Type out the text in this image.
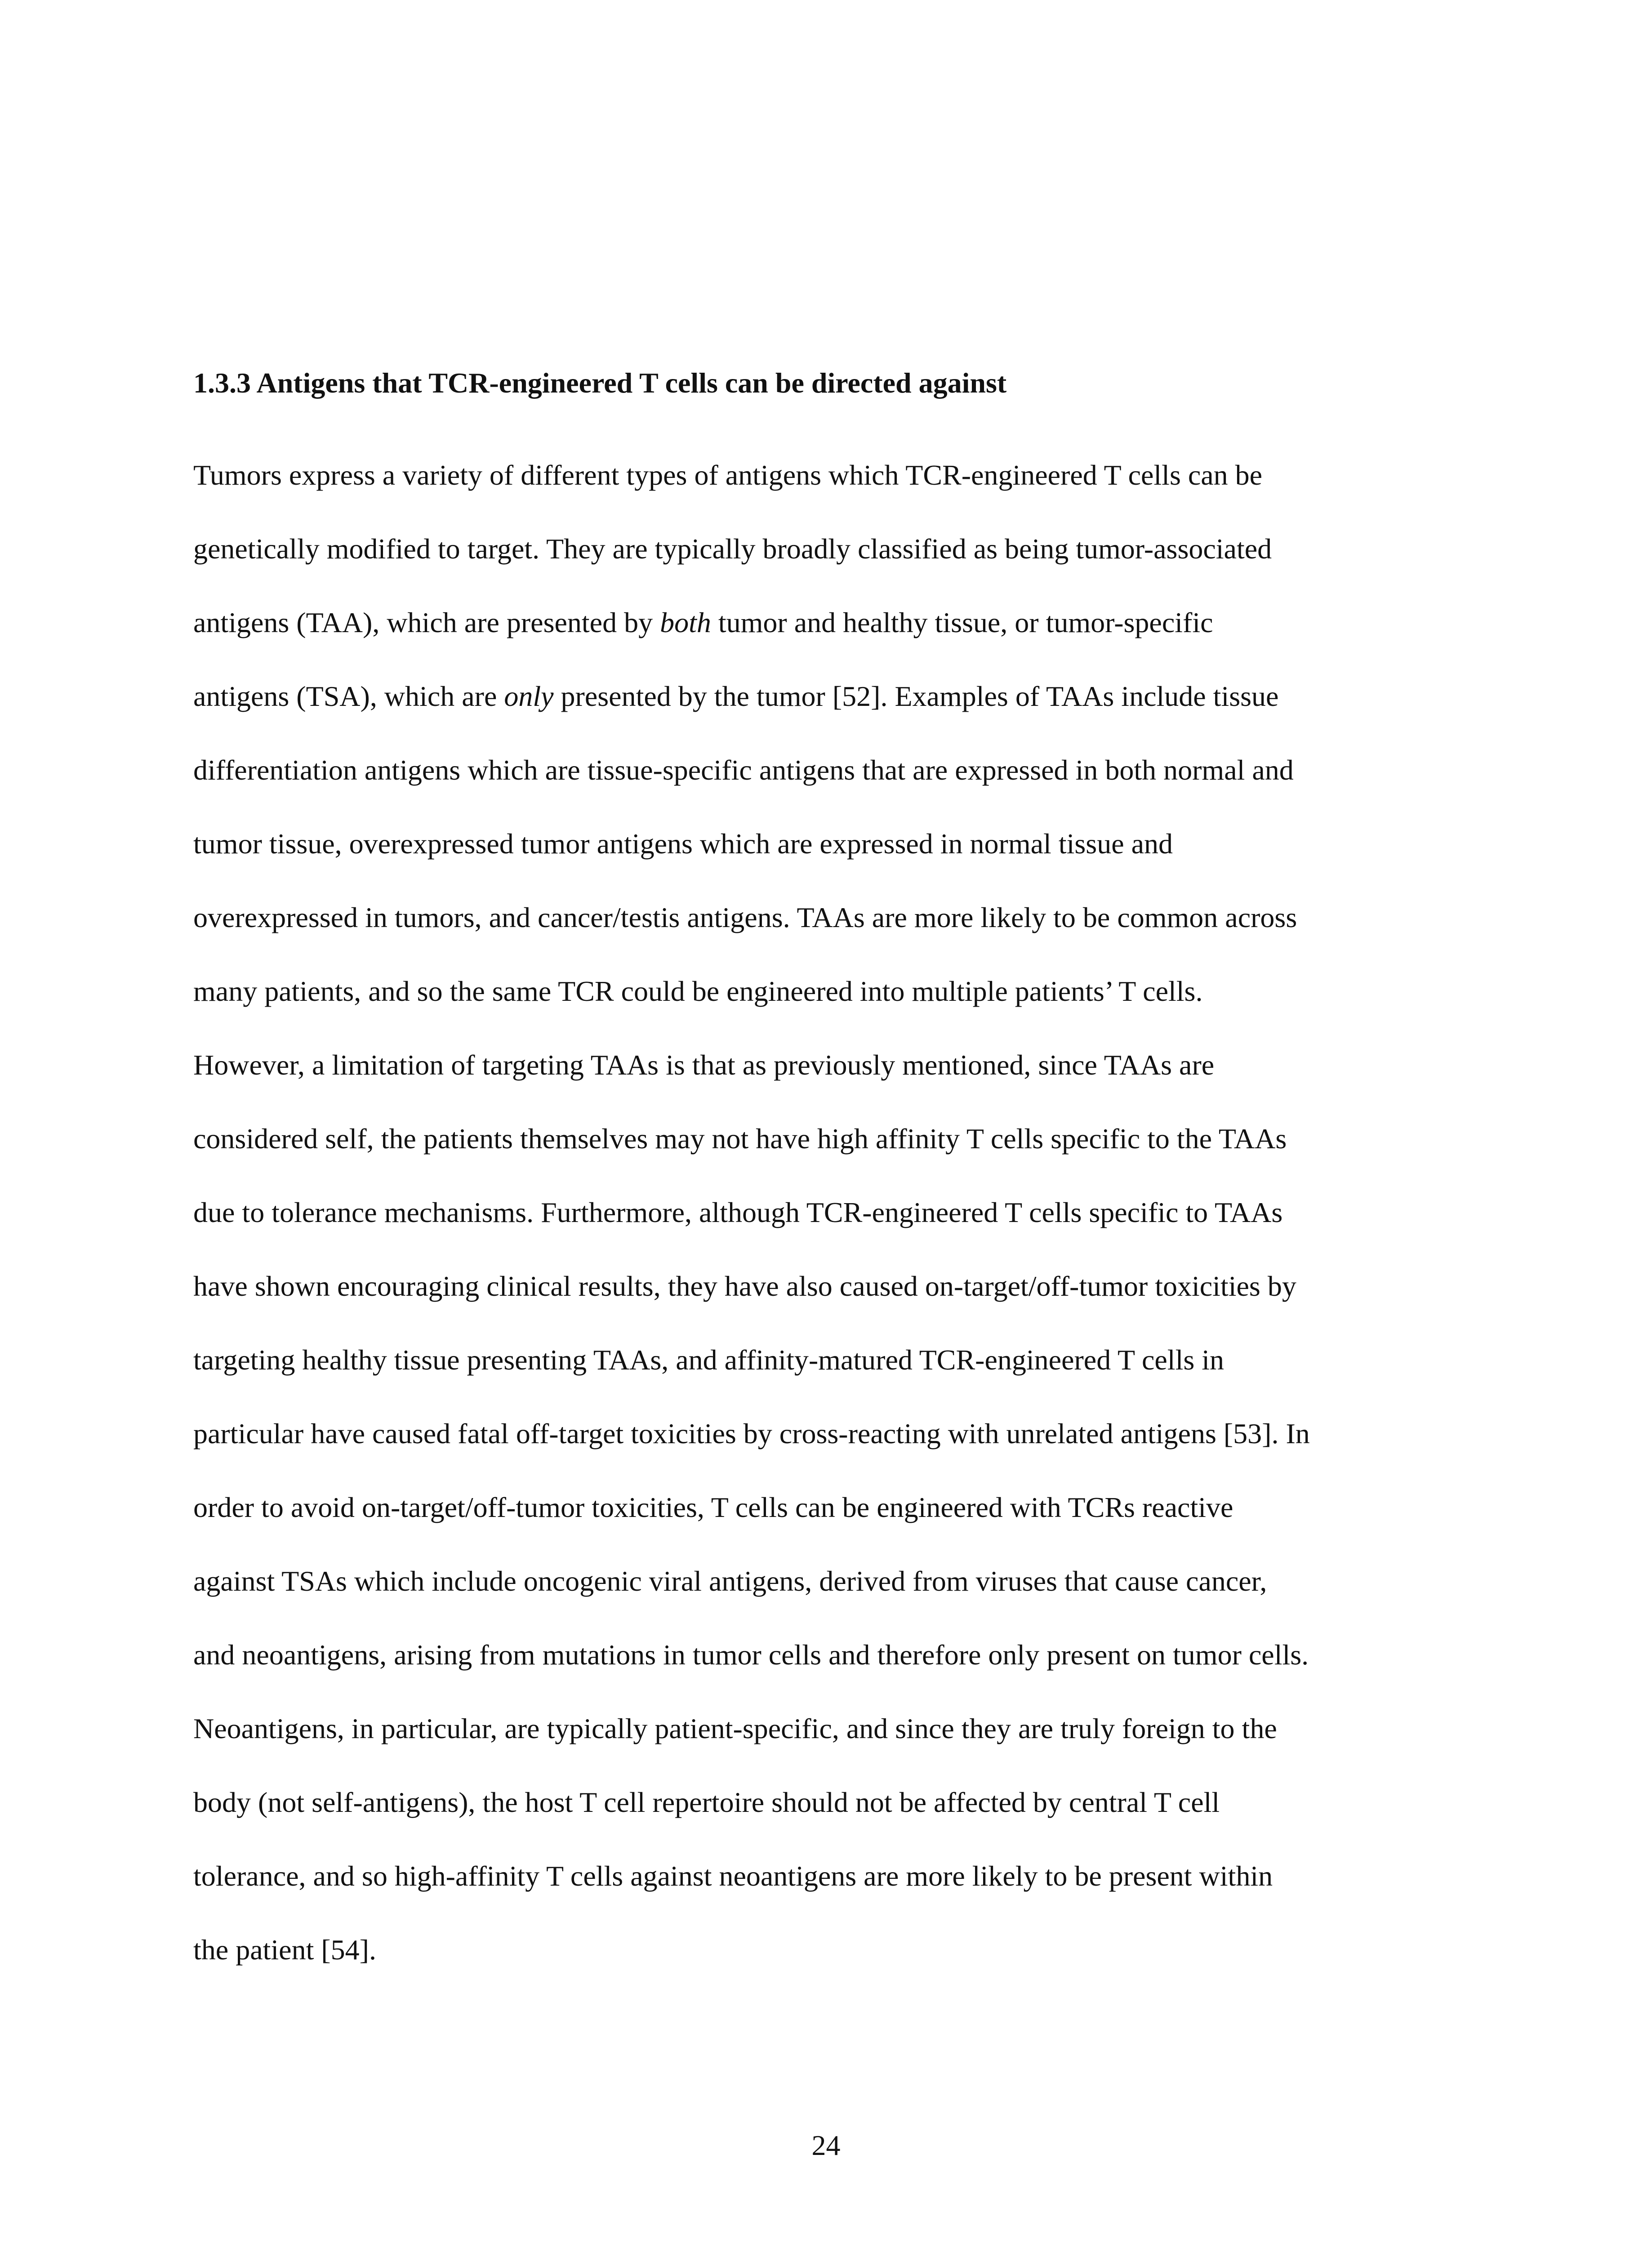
1.3.3 Antigens that TCR-engineered T cells can be directed against
Tumors express a variety of different types of antigens which TCR-engineered T cells can be
genetically modified to target. They are typically broadly classified as being tumor-associated
antigens (TAA), which are presented by both tumor and healthy tissue, or tumor-specific
antigens (TSA), which are only presented by the tumor [52]. Examples of TAAs include tissue
differentiation antigens which are tissue-specific antigens that are expressed in both normal and
tumor tissue, overexpressed tumor antigens which are expressed in normal tissue and
overexpressed in tumors, and cancer/testis antigens. TAAs are more likely to be common across
many patients, and so the same TCR could be engineered into multiple patients’ T cells.
However, a limitation of targeting TAAs is that as previously mentioned, since TAAs are
considered self, the patients themselves may not have high affinity T cells specific to the TAAs
due to tolerance mechanisms. Furthermore, although TCR-engineered T cells specific to TAAs
have shown encouraging clinical results, they have also caused on-target/off-tumor toxicities by
targeting healthy tissue presenting TAAs, and affinity-matured TCR-engineered T cells in
particular have caused fatal off-target toxicities by cross-reacting with unrelated antigens [53]. In
order to avoid on-target/off-tumor toxicities, T cells can be engineered with TCRs reactive
against TSAs which include oncogenic viral antigens, derived from viruses that cause cancer,
and neoantigens, arising from mutations in tumor cells and therefore only present on tumor cells.
Neoantigens, in particular, are typically patient-specific, and since they are truly foreign to the
body (not self-antigens), the host T cell repertoire should not be affected by central T cell
tolerance, and so high-affinity T cells against neoantigens are more likely to be present within
the patient [54].
24
